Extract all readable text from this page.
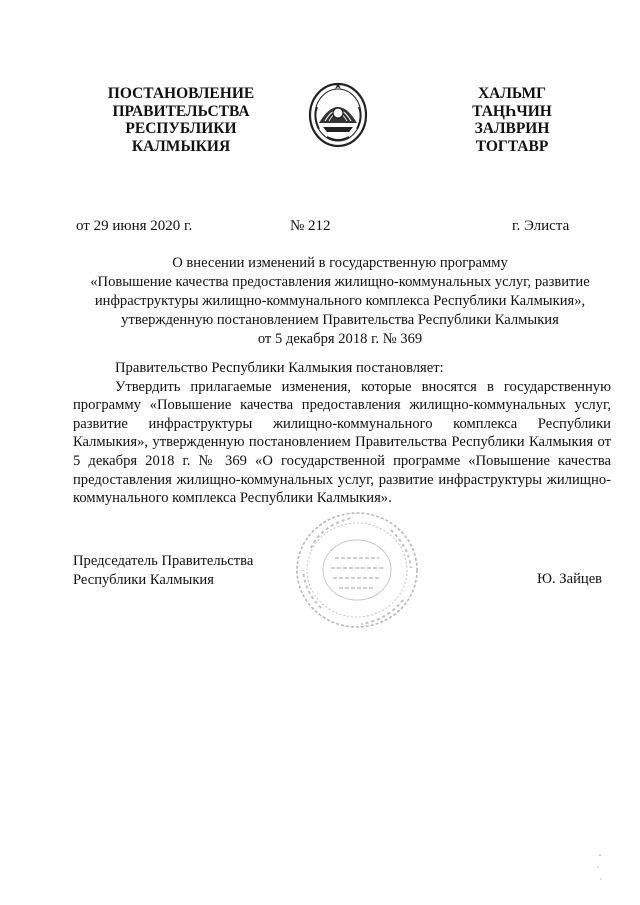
ПОСТАНОВЛЕНИЕ
ПРАВИТЕЛЬСТВА
РЕСПУБЛИКИ
КАЛМЫКИЯ
ХАЛЬМГ
ТАҢҺЧИН
ЗАЛВРИН
ТОГТАВР
от 29 июня 2020 г.	№ 212	г. Элиста
О внесении изменений в государственную программу
«Повышение качества предоставления жилищно-коммунальных услуг, развитие
инфраструктуры жилищно-коммунального комплекса Республики Калмыкия»,
утвержденную постановлением Правительства Республики Калмыкия
от 5 декабря 2018 г. № 369
Правительство Республики Калмыкия постановляет:
Утвердить прилагаемые изменения, которые вносятся в государственную программу «Повышение качества предоставления жилищно-коммунальных услуг, развитие инфраструктуры жилищно-коммунального комплекса Республики Калмыкия», утвержденную постановлением Правительства Республики Калмыкия от 5 декабря 2018 г. № 369 «О государственной программе «Повышение качества предоставления жилищно-коммунальных услуг, развитие инфраструктуры жилищно-коммунального комплекса Республики Калмыкия».
Председатель Правительства
Республики Калмыкия	Ю. Зайцев
